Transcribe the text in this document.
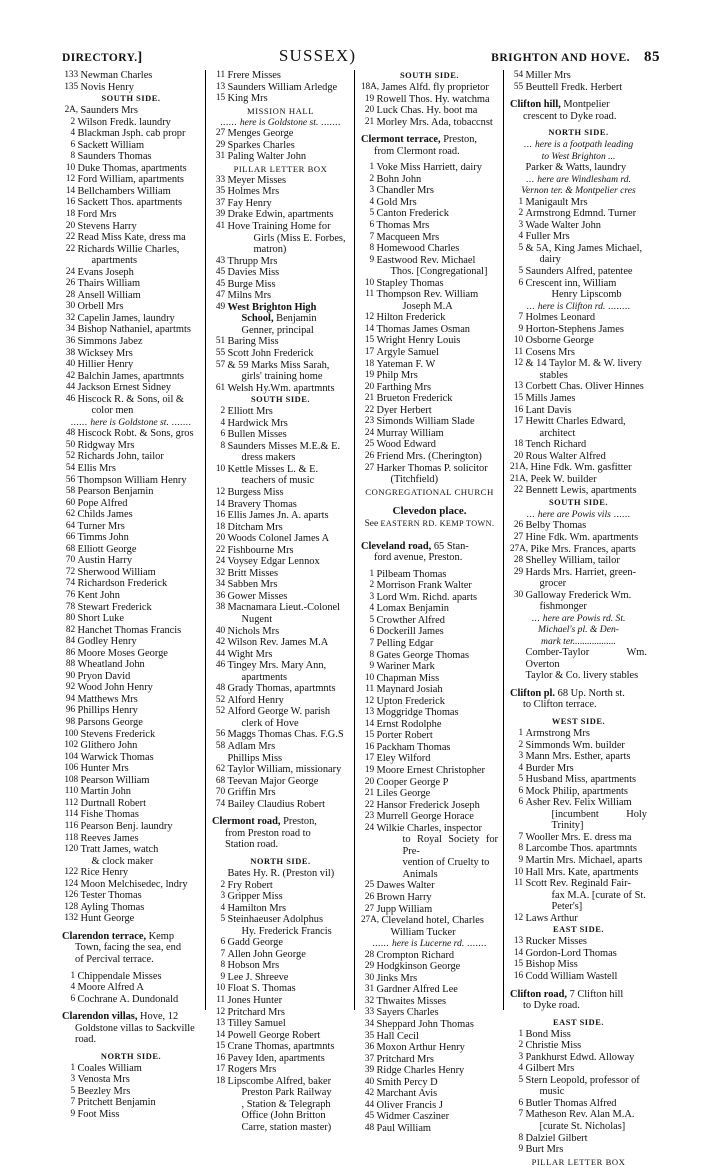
DIRECTORY.]	SUSSEX)	BRIGHTON AND HOVE. 85
133 Newman Charles
135 Novis Henry
SOUTH SIDE.
2A, Saunders Mrs
2 Wilson Fredk. laundry
4 Blackman Jsph. cab propr
6 Sackett William
8 Saunders Thomas
10 Duke Thomas, apartments
12 Ford William, apartments
14 Bellchambers William
16 Sackett Thos. apartments
18 Ford Mrs
20 Stevens Harry
22 Read Miss Kate, dress ma
22 Richards Willie Charles,
apartments
24 Evans Joseph
26 Thairs William
28 Ansell William
30 Orbell Mrs
32 Capelin James, laundry
34 Bishop Nathaniel, apartmts
36 Simmons Jabez
38 Wicksey Mrs
40 Hillier Henry
42 Balchin James, apartmnts
44 Jackson Ernest Sidney
46 Hiscock R. & Sons, oil &
color men
...... here is Goldstone st. .......
48 Hiscock Robt. & Sons, gros
50 Ridgway Mrs
52 Richards John, tailor
54 Ellis Mrs
56 Thompson William Henry
58 Pearson Benjamin
60 Pope Alfred
62 Childs James
64 Turner Mrs
66 Timms John
68 Elliott George
70 Austin Harry
72 Sherwood William
74 Richardson Frederick
76 Kent John
78 Stewart Frederick
80 Short Luke
82 Hanchet Thomas Francis
84 Godley Henry
86 Moore Moses George
88 Wheatland John
90 Pryon David
92 Wood John Henry
94 Matthews Mrs
96 Phillips Henry
98 Parsons George
100 Stevens Frederick
102 Glithero John
104 Warwick Thomas
106 Hunter Mrs
108 Pearson William
110 Martin John
112 Durtnall Robert
114 Fishe Thomas
116 Pearson Benj. laundry
118 Reeves James
120 Tratt James, watch
& clock maker
122 Rice Henry
124 Moon Melchisedec, lndry
126 Tester Thomas
128 Ayling Thomas
132 Hunt George
Clarendon terrace, Kemp
Town, facing the sea, end
of Percival terrace.
1 Chippendale Misses
4 Moore Alfred A
6 Cochrane A. Dundonald
Clarendon villas, Hove, 12
Goldstone villas to Sackville
road.
NORTH SIDE.
1 Coales William
3 Venosta Mrs
5 Beezley Mrs
7 Pritchett Benjamin
9 Foot Miss
11 Frere Misses
13 Saunders William Arledge
15 King Mrs
MISSION HALL
...... here is Goldstone st. .......
27 Menges George
29 Sparkes Charles
31 Paling Walter John
PILLAR LETTER BOX
33 Meyer Misses
35 Holmes Mrs
37 Fay Henry
39 Drake Edwin, apartments
41 Hove Training Home for
Girls (Miss E. Forbes,
matron)
43 Thrupp Mrs
45 Davies Miss
45 Burge Miss
47 Milns Mrs
49 West Brighton High
School, Benjamin
Genner, principal
51 Baring Miss
55 Scott John Frederick
57 & 59 Marks Miss Sarah,
girls' training home
61 Welsh Hy.Wm. apartmnts
SOUTH SIDE.
2 Elliott Mrs
4 Hardwick Mrs
6 Bullen Misses
8 Saunders Misses M.E.& E.
dress makers
10 Kettle Misses L. & E.
teachers of music
12 Burgess Miss
14 Bravery Thomas
16 Ellis James Jn. A. aparts
18 Ditcham Mrs
20 Woods Colonel James A
22 Fishbourne Mrs
24 Voysey Edgar Lennox
32 Britt Misses
34 Sabben Mrs
36 Gower Misses
38 Macnamara Lieut.-Colonel
Nugent
40 Nichols Mrs
42 Wilson Rev. James M.A
44 Wight Mrs
46 Tingey Mrs. Mary Ann,
apartments
48 Grady Thomas, apartmnts
52 Alford Henry
52 Alford George W. parish
clerk of Hove
56 Maggs Thomas Chas. F.G.S
58 Adlam Mrs
Phillips Miss
62 Taylor William, missionary
68 Teevan Major George
70 Griffin Mrs
74 Bailey Claudius Robert
Clermont road, Preston,
from Preston road to
Station road.
NORTH SIDE.
Bates Hy. R. (Preston vil)
2 Fry Robert
3 Gripper Miss
4 Hamilton Mrs
5 Steinhaeuser Adolphus
Hy. Frederick Francis
6 Gadd George
7 Allen John George
8 Hobson Mrs
9 Lee J. Shreeve
10 Float S. Thomas
11 Jones Hunter
12 Pritchard Mrs
13 Tilley Samuel
14 Powell George Robert
15 Crane Thomas, apartmnts
16 Pavey Iden, apartments
17 Rogers Mrs
18 Lipscombe Alfred, baker
Preston Park Railway
, Station & Telegraph
Office (John Britton
Carre, station master)
SOUTH SIDE.
18A, James Alfd. fly proprietor
19 Rowell Thos. Hy. watchma
20 Luck Chas. Hy. boot ma
21 Morley Mrs. Ada, tobaccnst
Clermont terrace, Preston,
from Clermont road.
1 Voke Miss Harriett, dairy
2 Bohn John
3 Chandler Mrs
4 Gold Mrs
5 Canton Frederick
6 Thomas Mrs
7 Macqueen Mrs
8 Homewood Charles
9 Eastwood Rev. Michael
Thos. [Congregational]
10 Stapley Thomas
11 Thompson Rev. William
Joseph M.A
12 Hilton Frederick
14 Thomas James Osman
15 Wright Henry Louis
17 Argyle Samuel
18 Yateman F. W
19 Philp Mrs
20 Farthing Mrs
21 Brueton Frederick
22 Dyer Herbert
23 Simonds William Slade
24 Murray William
25 Wood Edward
26 Friend Mrs. (Cherington)
27 Harker Thomas P. solicitor
(Titchfield)
CONGREGATIONAL CHURCH
Clevedon place.
See EASTERN RD. KEMP TOWN.
Cleveland road, 65 Stan-
ford avenue, Preston.
1 Pilbeam Thomas
2 Morrison Frank Walter
3 Lord Wm. Richd. aparts
4 Lomax Benjamin
5 Crowther Alfred
6 Dockerill James
7 Pelling Edgar
8 Gates George Thomas
9 Wariner Mark
10 Chapman Miss
11 Maynard Josiah
12 Upton Frederick
13 Moggridge Thomas
14 Ernst Rodolphe
15 Porter Robert
16 Packham Thomas
17 Eley Wilford
19 Moore Ernest Christopher
20 Cooper George P
21 Liles George
22 Hansor Frederick Joseph
23 Murrell George Horace
24 Wilkie Charles, inspector
to Royal Society for Pre-
vention of Cruelty to
Animals
25 Dawes Walter
26 Brown Harry
27 Jupp William
27A, Cleveland hotel, Charles
William Tucker
...... here is Lucerne rd. .......
28 Crompton Richard
29 Hodgkinson George
30 Jinks Mrs
31 Gardner Alfred Lee
32 Thwaites Misses
33 Sayers Charles
34 Sheppard John Thomas
35 Hall Cecil
36 Moxon Arthur Henry
37 Pritchard Mrs
39 Ridge Charles Henry
40 Smith Percy D
42 Marchant Avis
44 Oliver Francis J
45 Widmer Casziner
48 Paul William
54 Miller Mrs
55 Beuttell Fredk. Herbert
Clifton hill, Montpelier
crescent to Dyke road.
NORTH SIDE.
... here is a footpath leading
to West Brighton ...
Parker & Watts, laundry
... here are Windlesham rd.
Vernon ter. & Montpelier cres
1 Manigault Mrs
2 Armstrong Edmnd. Turner
3 Wade Walter John
4 Fuller Mrs
5 & 5A, King James Michael,
dairy
5 Saunders Alfred, patentee
6 Crescent inn, William
Henry Lipscomb
... here is Clifton rd. ........
7 Holmes Leonard
9 Horton-Stephens James
10 Osborne George
11 Cosens Mrs
12 & 14 Taylor M. & W. livery
stables
13 Corbett Chas. Oliver Hinnes
15 Mills James
16 Lant Davis
17 Hewitt Charles Edward,
architect
18 Tench Richard
20 Rous Walter Alfred
21A, Hine Fdk. Wm. gasfitter
21A, Peek W. builder
22 Bennett Lewis, apartments
SOUTH SIDE.
... here are Powis vils ......
26 Belby Thomas
27 Hine Fdk. Wm. apartments
27A, Pike Mrs. Frances, aparts
28 Shelley William, tailor
29 Hards Mrs. Harriet, green-
grocer
30 Galloway Frederick Wm.
fishmonger
... here are Powis rd. St.
Michael's pl. & Den-
mark ter..................
Comber-Taylor Wm. Overton
Taylor & Co. livery stables
Clifton pl. 68 Up. North st.
to Clifton terrace.
WEST SIDE.
1 Armstrong Mrs
2 Simmonds Wm. builder
3 Mann Mrs. Esther, aparts
4 Burder Mrs
5 Husband Miss, apartments
6 Mock Philip, apartments
6 Asher Rev. Felix William
[incumbent Holy Trinity]
7 Wooller Mrs. E. dress ma
8 Larcombe Thos. apartmnts
9 Martin Mrs. Michael, aparts
10 Hall Mrs. Kate, apartments
11 Scott Rev. Reginald Fair-
fax M.A. [curate of St.
Peter's]
12 Laws Arthur
EAST SIDE.
13 Rucker Misses
14 Gordon-Lord Thomas
15 Bishop Miss
16 Codd William Wastell
Clifton road, 7 Clifton hill
to Dyke road.
EAST SIDE.
1 Bond Miss
2 Christie Miss
3 Pankhurst Edwd. Alloway
4 Gilbert Mrs
5 Stern Leopold, professor of
music
6 Butler Thomas Alfred
7 Matheson Rev. Alan M.A.
[curate St. Nicholas]
8 Dalziel Gilbert
9 Burt Mrs
PILLAR LETTER BOX
